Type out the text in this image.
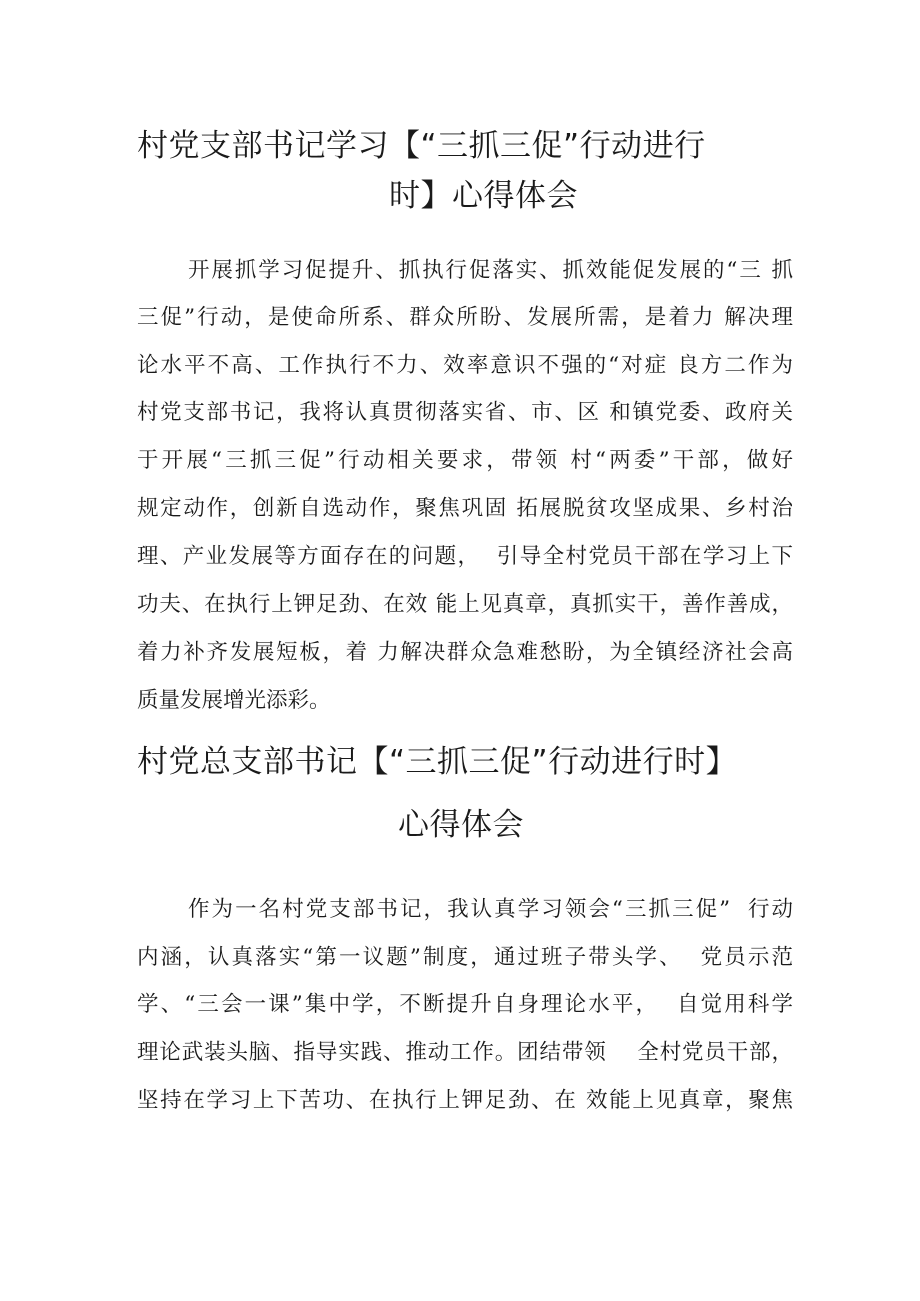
村党支部书记学习【“三抓三促”行动进行
时】心得体会
开展抓学习促提升、抓执行促落实、抓效能促发展的“三 抓
三促”行动，是使命所系、群众所盼、发展所需，是着力 解决理
论水平不高、工作执行不力、效率意识不强的“对症 良方二作为
村党支部书记，我将认真贯彻落实省、市、区 和镇党委、政府关
于开展“三抓三促”行动相关要求，带领 村“两委”干部，做好
规定动作，创新自选动作，聚焦巩固 拓展脱贫攻坚成果、乡村治
理、产业发展等方面存在的问题，  引导全村党员干部在学习上下
功夫、在执行上钾足劲、在效 能上见真章，真抓实干，善作善成，
着力补齐发展短板，着 力解决群众急难愁盼，为全镇经济社会高
质量发展增光添彩。
村党总支部书记【“三抓三促”行动进行时】
心得体会
作为一名村党支部书记，我认真学习领会“三抓三促”  行动
内涵，认真落实“第一议题”制度，通过班子带头学、  党员示范
学、“三会一课”集中学，不断提升自身理论水平，  自觉用科学
理论武装头脑、指导实践、推动工作。团结带领    全村党员干部，
坚持在学习上下苦功、在执行上钾足劲、在 效能上见真章，聚焦
